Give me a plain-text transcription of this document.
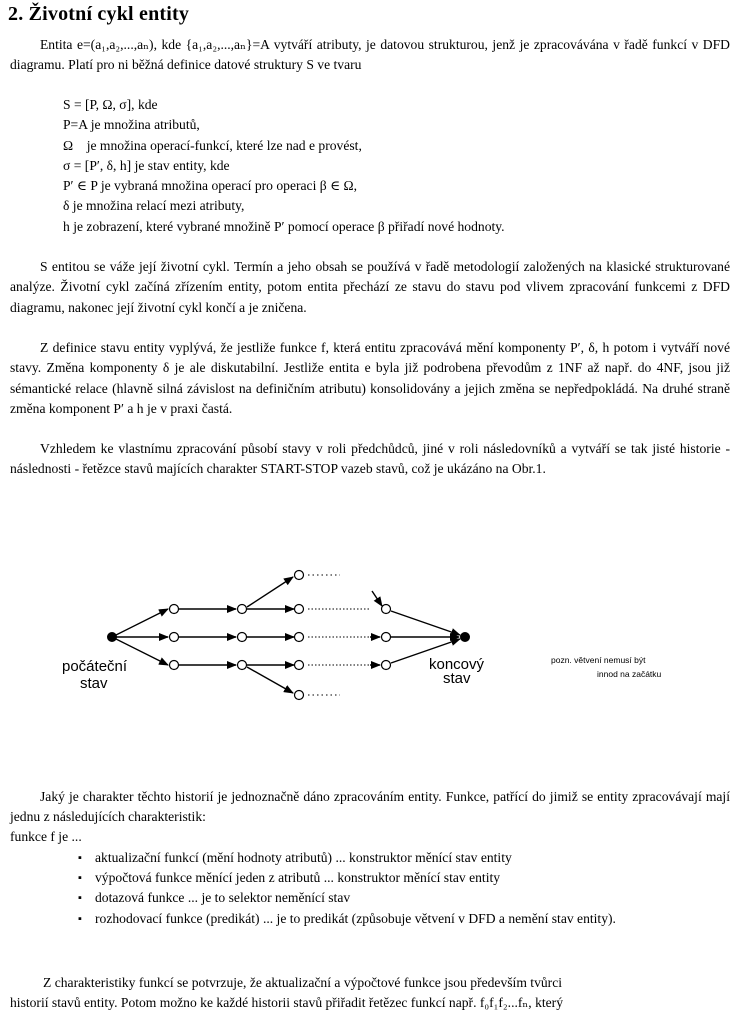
2. Životní cykl entity

Entita e=(a₁,a₂,...,aₙ), kde {a₁,a₂,...,aₙ}=A vytváří atributy, je datovou strukturou, jenž je zpracovávána v řadě funkcí v DFD diagramu. Platí pro ni běžná definice datové struktury S ve tvaru

S = [P, Ω, σ], kde
P=A je množina atributů,
Ω    je množina operací-funkcí, které lze nad e provést,
σ = [P′, δ, h] je stav entity, kde
P′ ∈ P je vybraná množina operací pro operaci β ∈ Ω,
δ je množina relací mezi atributy,
h je zobrazení, které vybrané množině P′ pomocí operace β přiřadí nové hodnoty.

S entitou se váže její životní cykl. Termín a jeho obsah se používá v řadě metodologií založených na klasické strukturované analýze. Životní cykl začíná zřízením entity, potom entita přechází ze stavu do stavu pod vlivem zpracování funkcemi z DFD diagramu, nakonec její životní cykl končí a je zničena.

Z definice stavu entity vyplývá, že jestliže funkce f, která entitu zpracovává mění komponenty P′, δ, h potom i vytváří nové stavy. Změna komponenty δ je ale diskutabilní. Jestliže entita e byla již podrobena převodům z 1NF až např. do 4NF, jsou již sémantické relace (hlavně silná závislost na definičním atributu) konsolidovány a jejich změna se nepředpokládá. Na druhé straně změna komponent P′ a h je v praxi častá.

Vzhledem ke vlastnímu zpracování působí stavy v roli předchůdců, jiné v roli následovníků a vytváří se tak jisté historie - následnosti - řetězce stavů majících charakter START-STOP vazeb stavů, což je ukázáno na Obr.1.

počáteční
stav
koncový
stav
pozn. větvení nemusí být
innod na začátku

Jaký je charakter těchto historií je jednoznačně dáno zpracováním entity. Funkce, patřící do jimiž se entity zpracovávají mají jednu z následujících charakteristik:

funkce f je ...
▪ aktualizační funkcí (mění hodnoty atributů) ... konstruktor měnící stav entity
▪ výpočtová funkce měnící jeden z atributů ... konstruktor měnící stav entity
▪ dotazová funkce ... je to selektor neměnící stav
▪ rozhodovací funkce (predikát) ... je to predikát (způsobuje větvení v DFD a nemění stav entity).
Z charakteristiky funkcí se potvrzuje, že aktualizační a výpočtové funkce jsou především tvůrci
historií stavů entity. Potom možno ke každé historii stavů přiřadit řetězec funkcí např. f₀f₁f₂...fₙ, který
